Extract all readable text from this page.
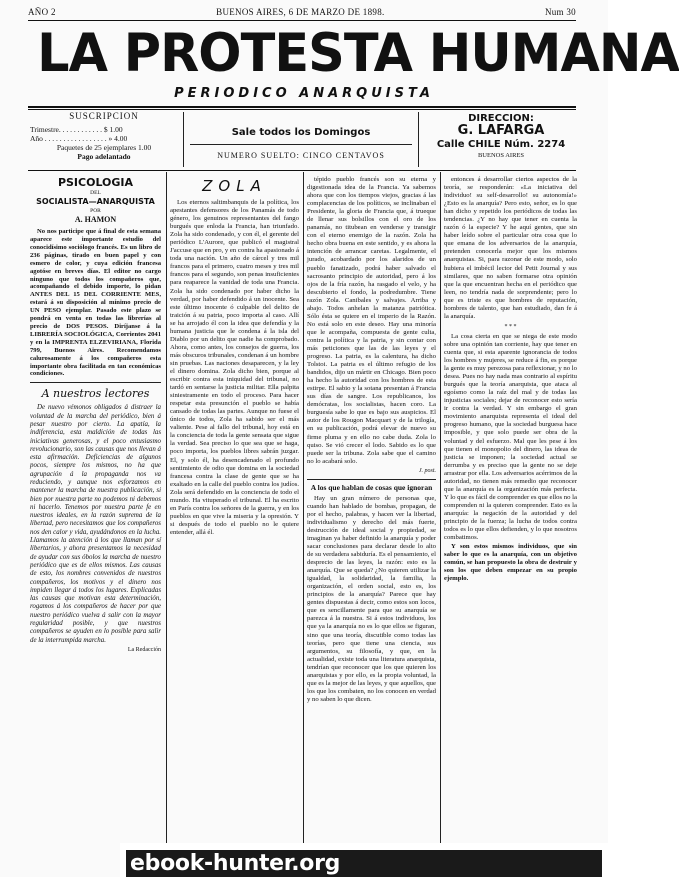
AÑO 2	BUENOS AIRES, 6 DE MARZO DE 1898.	Num 30
LA PROTESTA HUMANA
PERIODICO ANARQUISTA
SUSCRIPCION
Trimestre. . . . . . . . . . . . $ 1.00
Año . . . . . . . . . . . . . . . . . » 4.00
Paquetes de 25 ejemplares 1.00
Pago adelantado
Sale todos los Domingos
NUMERO SUELTO: CINCO CENTAVOS
DIRECCION:
G. LAFARGA
Calle CHILE Núm. 2274
BUENOS AIRES
PSICOLOGIA
DEL
SOCIALISTA—ANARQUISTA
POR
A. HAMON

No nos participe que á final de esta semana aparece este importante estudio del conocidísimo sociólogo francés. Es un libro de 236 páginas, tirado en buen papel y con esmero de color, y cuya edición francesa agotóse en breves días. El editor no cargo ninguno que todos los compañeros que, acompañando el debido importe, lo pidan ANTES DEL 15 DEL CORRIENTE MES, estará á su disposición al mínimo precio de UN PESO ejemplar. Pasado este plazo se pondrá en venta en todas las librerías al precio de DOS PESOS. Diríjanse á la LIBRERÍA SOCIOLÓGICA, Corrientes 2041 y en la IMPRENTA ELZEVIRIANA, Florida 799, Buenos Aires. Recomendamos calurosamente á los compañeros esta importante obra facilitada en tan económicas condiciones.

A nuestros lectores

De nuevo vémonos obligados á distraer la voluntad de la marcha del periódico, bien á pesar nuestro por cierto. La apatía, la indiferencia, esta maldición de todas las iniciativas generosas, y el poco entusiasmo revolucionario, son las causas que nos llevan á esta afirmación. Deficiencias de algunos pocos, siempre los mismos, no ha que agrupación á la propaganda nos va reduciendo, y aunque nos esforzamos en mantener la marcha de nuestra publicación, si bien por nuestra parte no podemos ni debemos ni hacerlo. Tenemos por nuestra parte fe en nuestros ideales, en la razón suprema de la libertad, pero necesitamos que los compañeros nos den calor y vida, ayudándonos en la lucha. Llamamos la atención á los que llaman por sí libertarios, y ahora presentamos la necesidad de ayudar con sus óbolos la marcha de nuestro periódico que es de ellos mismos. Las causas de esto, los nombres convenidos de nuestros compañeros, los motivos y el dinero nos impiden llegar á todos los lugares. Explicadas las causas que motivan esta determinación, rogamos á los compañeros de hacer por que nuestro periódico vuelva á salir con la mayor regularidad posible, y que nuestros compañeros se ayuden en lo posible para salir de la interrumpida marcha.

La Redacción
ZOLA

Los eternos saltimbanquis de la política, los apestantes defensores de los Panamás de todo género, los genuinos representantes del fango burgués que enloda la Francia, han triunfado. Zola ha sido condenado, y con él, el gerente del periódico L'Aurore, que publicó el magistral J'accuse que en pro, y en contra ha apasionado á toda una nación. Un año de cárcel y tres mil francos para el primero, cuatro meses y tres mil francos para el segundo, son penas insuficientes para reaparece la vanidad de toda una Francia. Zola ha sido condenado por haber dicho la verdad, por haber defendido á un inocente. Sea este último inocente ó culpable del delito de traición á su patria, poco importa al caso. Allí se ha arrojado él con la idea que defendía y la humana justicia que le condena á la isla del Diablo por un delito que nadie ha comprobado. Ahora, como antes, los consejos de guerra, los más obscuros tribunales, condenan á un hombre sin pruebas. Las naciones desaparecen, y la ley el dinero domina. Zola dicho bien, porque al escribir contra esta iniquidad del tribunal, no tardó en sentarse la justicia militar. Ella palpita siniestramente en todo el proceso. Para hacer respetar esta presunción el pueblo se había cansado de todas las partes. Aunque no fuese el único de todos, Zola ha sabido ser el más valiente. Pese al fallo del tribunal, hoy está en la conciencia de toda la gente sensata que sigue la verdad. Sea preciso lo que sea que se haga, poco importa, los pueblos libres sabrán juzgar. El, y solo él, ha desencadenado el profundo sentimiento de odio que domina en la sociedad francesa contra la clase de gente que se ha exaltado en la calle del pueblo contra los judíos. Zola será defendido en la conciencia de todo el mundo. Ha vituperado el tribunal. El ha escrito en París contra los señores de la guerra, y en los pueblos en que vive la miseria y la opresión. Y si después de todo el pueblo no le quiere entender, allá él.

tépido pueblo francés son su eterna y digestionada idea de la Francia. Ya sabemos ahora que con los tiempos viejos, gracias á las complacencias de los políticos, se inclinaban el Presidente, la gloria de Francia que, á trueque de llenar sus bolsillos con el oro de los panamás, no titubean en venderse y transigir con el eterno enemigo de la razón. Zola ha hecho obra buena en este sentido, y es ahora la intención de arrancar caretas. Legalmente, el jurado, acobardado por los alaridos de un pueblo fanatizado, podrá haber salvado el sacrosanto principio de autoridad, pero á los ojos de la fría razón, ha rasgado el velo, y ha descubierto el fondo, la podredumbre. Tiene razón Zola. Canibales y salvajes. Arriba y abajo. Todos anhelan la matanza patriótica. Sólo ésta se quiere en el imperio de la Razón. No está solo en este deseo. Hay una minoría que le acompaña, compuesta de gente culta, contra la política y la patria, y sin contar con más peticiones que las de las leyes y el progreso. La patria, es la calentura, ha dicho Tolstoi. La patria es el último refugio de los bandidos, dijo un mártir en Chicago. Bien poco ha hecho la autoridad con los hombres de esta estirpe. El sabio y la sotana presentan á Francia sus días de sangre. Los republicanos, los demócratas, los socialistas, hacen coro. La burguesía sabe lo que es bajo sus auspicios. El autor de los Rougon Macquart y de la trilogía, en su publicación, podrá elevar de nuevo su firme pluma y en ello no cabe duda. Zola lo quiso. Se vió crecer el lodo. Sabido es lo que puede ser la tribuna. Zola sabe que el camino no lo acabará solo.

J. post.
A los que hablan de cosas que ignoran

Hay un gran número de personas que, cuando han hablado de bombas, propagan, de por el hecho, palabras, y hacen ver la libertad, individualismo y derecho del más fuerte, destrucción de ideal social y propiedad, se imaginan ya haber definido la anarquía y poder sacar conclusiones para declarar desde lo alto de su verdadera sabiduría. Es el pensamiento, el desprecio de las leyes, la razón: esto es la anarquía. Que se queda? ¿No quieren utilizar la igualdad, la solidaridad, la familia, la organización, el orden social, esto es, los principios de la anarquía? Parece que hay gentes dispuestas á decir, como estos son locos, que es sencillamente para que su anarquía se parezca á la nuestra. Si á estos individuos, los que ya la anarquía no es lo que ellos se figuran, sino que una teoría, discutible como todas las teorías, pero que tiene una ciencia, sus argumentos, su filosofía, y que, en la actualidad, existe toda una literatura anarquista, tendrían que reconocer que los que quieren los anarquistas y por ello, es la propia voluntad, la que es la mejor de las leyes, y que aquellos, que los que los combaten, no los conocen en verdad y no saben lo que dicen.

entonces á desarrollar ciertos aspectos de la teoría, se responderán: «La iniciativa del individuo! su self-desarrollo! su autonomía!» ¿Esto es la anarquía? Pero esto, señor, es lo que han dicho y repetido los periódicos de todas las tendencias. ¿Y no hay que tener en cuenta la razón ó la especie? Y he aquí gentes, que sin haber leído sobre el particular otra cosa que lo que emana de los adversarios de la anarquía, pretenden conocerla mejor que los mismos anarquistas. Si, para razonar de este modo, solo hubiera el imbécil lector del Petit Journal y sus similares, que no saben formarse otra opinión que la que encuentran hecha en el periódico que leen, no tendría nada de sorprendente; pero lo que es triste es que hombres de reputación, hombres de talento, que han estudiado, dan fe á la anarquía.

* * *

La cosa cierta en que se niega de este modo sobre una opinión tan corriente, hay que tener en cuenta que, si esta aparente ignorancia de todos los hombres y mujeres, se reduce á fin, es porque la gente es muy perezosa para reflexionar, y no lo desea. Pues no hay nada mas contrario al espíritu burgués que la teoría anarquista, que ataca al egoísmo como la raíz del mal y de todas las injusticias sociales; dejar de reconocer esto sería ir contra la verdad. Y sin embargo el gran movimiento anarquista representa el ideal del progreso humano, que la sociedad burguesa hace imposible, y que solo puede ser obra de la voluntad y del esfuerzo. Mal que les pese á los que tienen el monopolio del dinero, las ideas de justicia se imponen; la sociedad actual se derrumba y es preciso que la gente no se deje arrastrar por ella. Los adversarios acérrimos de la autoridad, no tienen más remedio que reconocer que la anarquía es la organización más perfecta. Y lo que es fácil de comprender es que ellos no la comprenden ni la quieren comprender. Esto es la anarquía: la negación de la autoridad y del principio de la fuerza; la lucha de todos contra todos es lo que ellos defienden, y lo que nosotros combatimos.

Y son estos mismos individuos, que sin saber lo que es la anarquía, con un objetivo común, se han propuesto la obra de destruir y son los que deben empezar en su propio ejemplo.

ebook-hunter.org
